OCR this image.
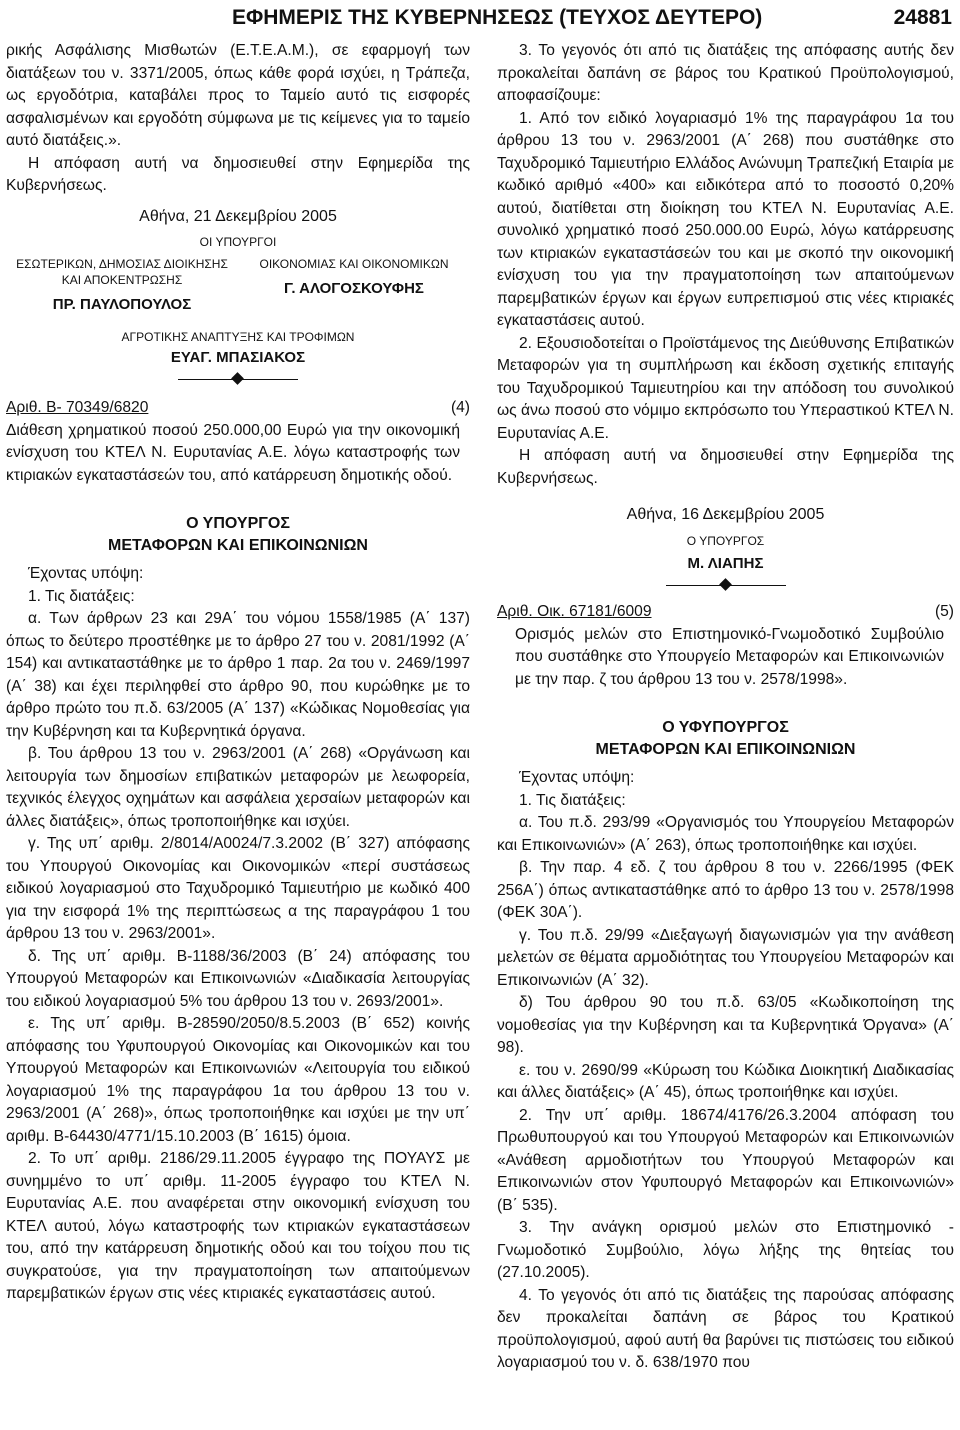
ΕΦΗΜΕΡΙΣ ΤΗΣ ΚΥΒΕΡΝΗΣΕΩΣ (ΤΕΥΧΟΣ ΔΕΥΤΕΡΟ)	24881

ρικής Ασφάλισης Μισθωτών (Ε.Τ.Ε.Α.Μ.), σε εφαρμογή των διατάξεων του ν. 3371/2005, όπως κάθε φορά ισχύει, η Τράπεζα, ως εργοδότρια, καταβάλει προς το Ταμείο αυτό τις εισφορές ασφαλισμένων και εργοδότη σύμφωνα με τις κείμενες για το ταμείο αυτό διατάξεις.».

Η απόφαση αυτή να δημοσιευθεί στην Εφημερίδα της Κυβερνήσεως.

Αθήνα, 21 Δεκεμβρίου 2005
ΟΙ ΥΠΟΥΡΓΟΙ
ΕΣΩΤΕΡΙΚΩΝ, ΔΗΜΟΣΙΑΣ ΔΙΟΙΚΗΣΗΣ ΚΑΙ ΑΠΟΚΕΝΤΡΩΣΗΣ
ΠΡ. ΠΑΥΛΟΠΟΥΛΟΣ
ΟΙΚΟΝΟΜΙΑΣ ΚΑΙ ΟΙΚΟΝΟΜΙΚΩΝ
Γ. ΑΛΟΓΟΣΚΟΥΦΗΣ
ΑΓΡΟΤΙΚΗΣ ΑΝΑΠΤΥΞΗΣ ΚΑΙ ΤΡΟΦΙΜΩΝ
ΕΥΑΓ. ΜΠΑΣΙΑΚΟΣ
Αριθ. Β- 70349/6820	(4)

Διάθεση χρηματικού ποσού 250.000,00 Ευρώ για την οικονομική ενίσχυση του ΚΤΕΛ Ν. Ευρυτανίας Α.Ε. λόγω καταστροφής των κτιριακών εγκαταστάσεών του, από κατάρρευση δημοτικής οδού.

Ο ΥΠΟΥΡΓΟΣ
ΜΕΤΑΦΟΡΩΝ ΚΑΙ ΕΠΙΚΟΙΝΩΝΙΩΝ

Έχοντας υπόψη:

1. Τις διατάξεις:

α. Των άρθρων 23 και 29Α΄ του νόμου 1558/1985 (Α΄ 137) όπως το δεύτερο προστέθηκε με το άρθρο 27 του ν. 2081/1992 (Α΄ 154) και αντικαταστάθηκε με το άρθρο 1 παρ. 2α του ν. 2469/1997 (Α΄ 38) και έχει περιληφθεί στο άρθρο 90, που κυρώθηκε με το άρθρο πρώτο του π.δ. 63/2005 (Α΄ 137) «Κώδικας Νομοθεσίας για την Κυβέρνηση και τα Κυβερνητικά όργανα.

β. Του άρθρου 13 του ν. 2963/2001 (Α΄ 268) «Οργάνωση και λειτουργία των δημοσίων επιβατικών μεταφορών με λεωφορεία, τεχνικός έλεγχος οχημάτων και ασφάλεια χερσαίων μεταφορών και άλλες διατάξεις», όπως τροποποιήθηκε και ισχύει.

γ. Της υπ΄ αριθμ. 2/8014/Α0024/7.3.2002 (Β΄ 327) απόφασης του Υπουργού Οικονομίας και Οικονομικών «περί συστάσεως ειδικού λογαριασμού στο Ταχυδρομικό Ταμιευτήριο με κωδικό 400 για την εισφορά 1% της περιπτώσεως α της παραγράφου 1 του άρθρου 13 του ν. 2963/2001».

δ. Της υπ΄ αριθμ. Β-1188/36/2003 (Β΄ 24) απόφασης του Υπουργού Μεταφορών και Επικοινωνιών «Διαδικασία λειτουργίας του ειδικού λογαριασμού 5% του άρθρου 13 του ν. 2693/2001».

ε. Της υπ΄ αριθμ. Β-28590/2050/8.5.2003 (Β΄ 652) κοινής απόφασης του Υφυπουργού Οικονομίας και Οικονομικών και του Υπουργού Μεταφορών και Επικοινωνιών «Λειτουργία του ειδικού λογαριασμού 1% της παραγράφου 1α του άρθρου 13 του ν. 2963/2001 (Α΄ 268)», όπως τροποποιήθηκε και ισχύει με την υπ΄ αριθμ. Β-64430/4771/15.10.2003 (Β΄ 1615) όμοια.

2. Το υπ΄ αριθμ. 2186/29.11.2005 έγγραφο της ΠΟΥΑΥΣ με συνημμένο το υπ΄ αριθμ. 11-2005 έγγραφο του ΚΤΕΛ Ν. Ευρυτανίας Α.Ε. που αναφέρεται στην οικονομική ενίσχυση του ΚΤΕΛ αυτού, λόγω καταστροφής των κτιριακών εγκαταστάσεων του, από την κατάρρευση δημοτικής οδού και του τοίχου που τις συγκρατούσε, για την πραγματοποίηση των απαιτούμενων παρεμβατικών έργων στις νέες κτιριακές εγκαταστάσεις αυτού.

3. Το γεγονός ότι από τις διατάξεις της απόφασης αυτής δεν προκαλείται δαπάνη σε βάρος του Κρατικού Προϋπολογισμού, αποφασίζουμε:

1. Από τον ειδικό λογαριασμό 1% της παραγράφου 1α του άρθρου 13 του ν. 2963/2001 (Α΄ 268) που συστάθηκε στο Ταχυδρομικό Ταμιευτήριο Ελλάδος Ανώνυμη Τραπεζική Εταιρία με κωδικό αριθμό «400» και ειδικότερα από το ποσοστό 0,20% αυτού, διατίθεται στη διοίκηση του ΚΤΕΛ Ν. Ευρυτανίας Α.Ε. συνολικό χρηματικό ποσό 250.000.00 Ευρώ, λόγω κατάρρευσης των κτιριακών εγκαταστάσεών του και με σκοπό την οικονομική ενίσχυση του για την πραγματοποίηση των απαιτούμενων παρεμβατικών έργων και έργων ευπρεπισμού στις νέες κτιριακές εγκαταστάσεις αυτού.

2. Εξουσιοδοτείται ο Προϊστάμενος της Διεύθυνσης Επιβατικών Μεταφορών για τη συμπλήρωση και έκδοση σχετικής επιταγής του Ταχυδρομικού Ταμιευτηρίου και την απόδοση του συνολικού ως άνω ποσού στο νόμιμο εκπρόσωπο του Υπεραστικού ΚΤΕΛ Ν. Ευρυτανίας Α.Ε.

Η απόφαση αυτή να δημοσιευθεί στην Εφημερίδα της Κυβερνήσεως.

Αθήνα, 16 Δεκεμβρίου 2005
Ο ΥΠΟΥΡΓΟΣ
Μ. ΛΙΑΠΗΣ
Αριθ. Οικ. 67181/6009	(5)

Ορισμός μελών στο Επιστημονικό-Γνωμοδοτικό Συμβούλιο που συστάθηκε στο Υπουργείο Μεταφορών και Επικοινωνιών με την παρ. ζ του άρθρου 13 του ν. 2578/1998».

Ο ΥΦΥΠΟΥΡΓΟΣ
ΜΕΤΑΦΟΡΩΝ ΚΑΙ ΕΠΙΚΟΙΝΩΝΙΩΝ

Έχοντας υπόψη:

1. Τις διατάξεις:

α. Του π.δ. 293/99 «Οργανισμός του Υπουργείου Μεταφορών και Επικοινωνιών» (Α΄ 263), όπως τροποποιήθηκε και ισχύει.

β. Την παρ. 4 εδ. ζ του άρθρου 8 του ν. 2266/1995 (ΦΕΚ 256Α΄) όπως αντικαταστάθηκε από το άρθρο 13 του ν. 2578/1998 (ΦΕΚ 30Α΄).

γ. Του π.δ. 29/99 «Διεξαγωγή διαγωνισμών για την ανάθεση μελετών σε θέματα αρμοδιότητας του Υπουργείου Μεταφορών και Επικοινωνιών (Α΄ 32).

δ) Του άρθρου 90 του π.δ. 63/05 «Κωδικοποίηση της νομοθεσίας για την Κυβέρνηση και τα Κυβερνητικά Όργανα» (Α΄ 98).

ε. του ν. 2690/99 «Κύρωση του Κώδικα Διοικητική Διαδικασίας και άλλες διατάξεις» (Α΄ 45), όπως τροποιήθηκε και ισχύει.

2. Την υπ΄ αριθμ. 18674/4176/26.3.2004 απόφαση του Πρωθυπουργού και του Υπουργού Μεταφορών και Επικοινωνιών «Ανάθεση αρμοδιοτήτων του Υπουργού Μεταφορών και Επικοινωνιών στον Υφυπουργό Μεταφορών και Επικοινωνιών» (Β΄ 535).

3. Την ανάγκη ορισμού μελών στο Επιστημονικό - Γνωμοδοτικό Συμβούλιο, λόγω λήξης της θητείας του (27.10.2005).

4. Το γεγονός ότι από τις διατάξεις της παρούσας απόφασης δεν προκαλείται δαπάνη σε βάρος του Κρατικού προϋπολογισμού, αφού αυτή θα βαρύνει τις πιστώσεις του ειδικού λογαριασμού του ν. δ. 638/1970 που
